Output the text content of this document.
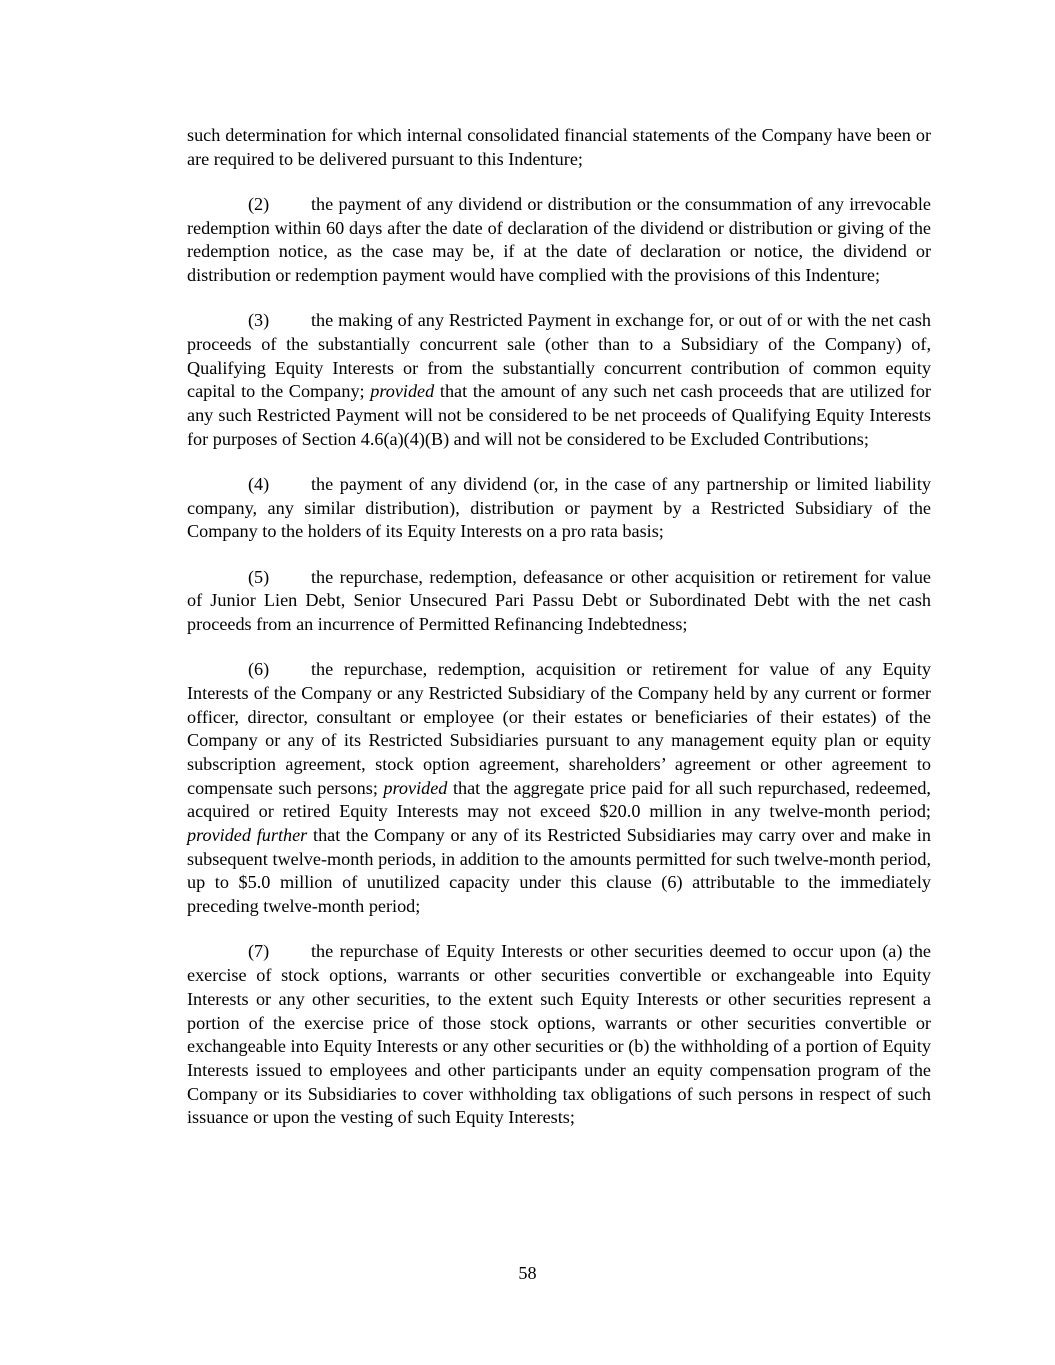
such determination for which internal consolidated financial statements of the Company have been or are required to be delivered pursuant to this Indenture;

(2) the payment of any dividend or distribution or the consummation of any irrevocable redemption within 60 days after the date of declaration of the dividend or distribution or giving of the redemption notice, as the case may be, if at the date of declaration or notice, the dividend or distribution or redemption payment would have complied with the provisions of this Indenture;

(3) the making of any Restricted Payment in exchange for, or out of or with the net cash proceeds of the substantially concurrent sale (other than to a Subsidiary of the Company) of, Qualifying Equity Interests or from the substantially concurrent contribution of common equity capital to the Company; provided that the amount of any such net cash proceeds that are utilized for any such Restricted Payment will not be considered to be net proceeds of Qualifying Equity Interests for purposes of Section 4.6(a)(4)(B) and will not be considered to be Excluded Contributions;

(4) the payment of any dividend (or, in the case of any partnership or limited liability company, any similar distribution), distribution or payment by a Restricted Subsidiary of the Company to the holders of its Equity Interests on a pro rata basis;

(5) the repurchase, redemption, defeasance or other acquisition or retirement for value of Junior Lien Debt, Senior Unsecured Pari Passu Debt or Subordinated Debt with the net cash proceeds from an incurrence of Permitted Refinancing Indebtedness;

(6) the repurchase, redemption, acquisition or retirement for value of any Equity Interests of the Company or any Restricted Subsidiary of the Company held by any current or former officer, director, consultant or employee (or their estates or beneficiaries of their estates) of the Company or any of its Restricted Subsidiaries pursuant to any management equity plan or equity subscription agreement, stock option agreement, shareholders’ agreement or other agreement to compensate such persons; provided that the aggregate price paid for all such repurchased, redeemed, acquired or retired Equity Interests may not exceed $20.0 million in any twelve-month period; provided further that the Company or any of its Restricted Subsidiaries may carry over and make in subsequent twelve-month periods, in addition to the amounts permitted for such twelve-month period, up to $5.0 million of unutilized capacity under this clause (6) attributable to the immediately preceding twelve-month period;

(7) the repurchase of Equity Interests or other securities deemed to occur upon (a) the exercise of stock options, warrants or other securities convertible or exchangeable into Equity Interests or any other securities, to the extent such Equity Interests or other securities represent a portion of the exercise price of those stock options, warrants or other securities convertible or exchangeable into Equity Interests or any other securities or (b) the withholding of a portion of Equity Interests issued to employees and other participants under an equity compensation program of the Company or its Subsidiaries to cover withholding tax obligations of such persons in respect of such issuance or upon the vesting of such Equity Interests;

58
